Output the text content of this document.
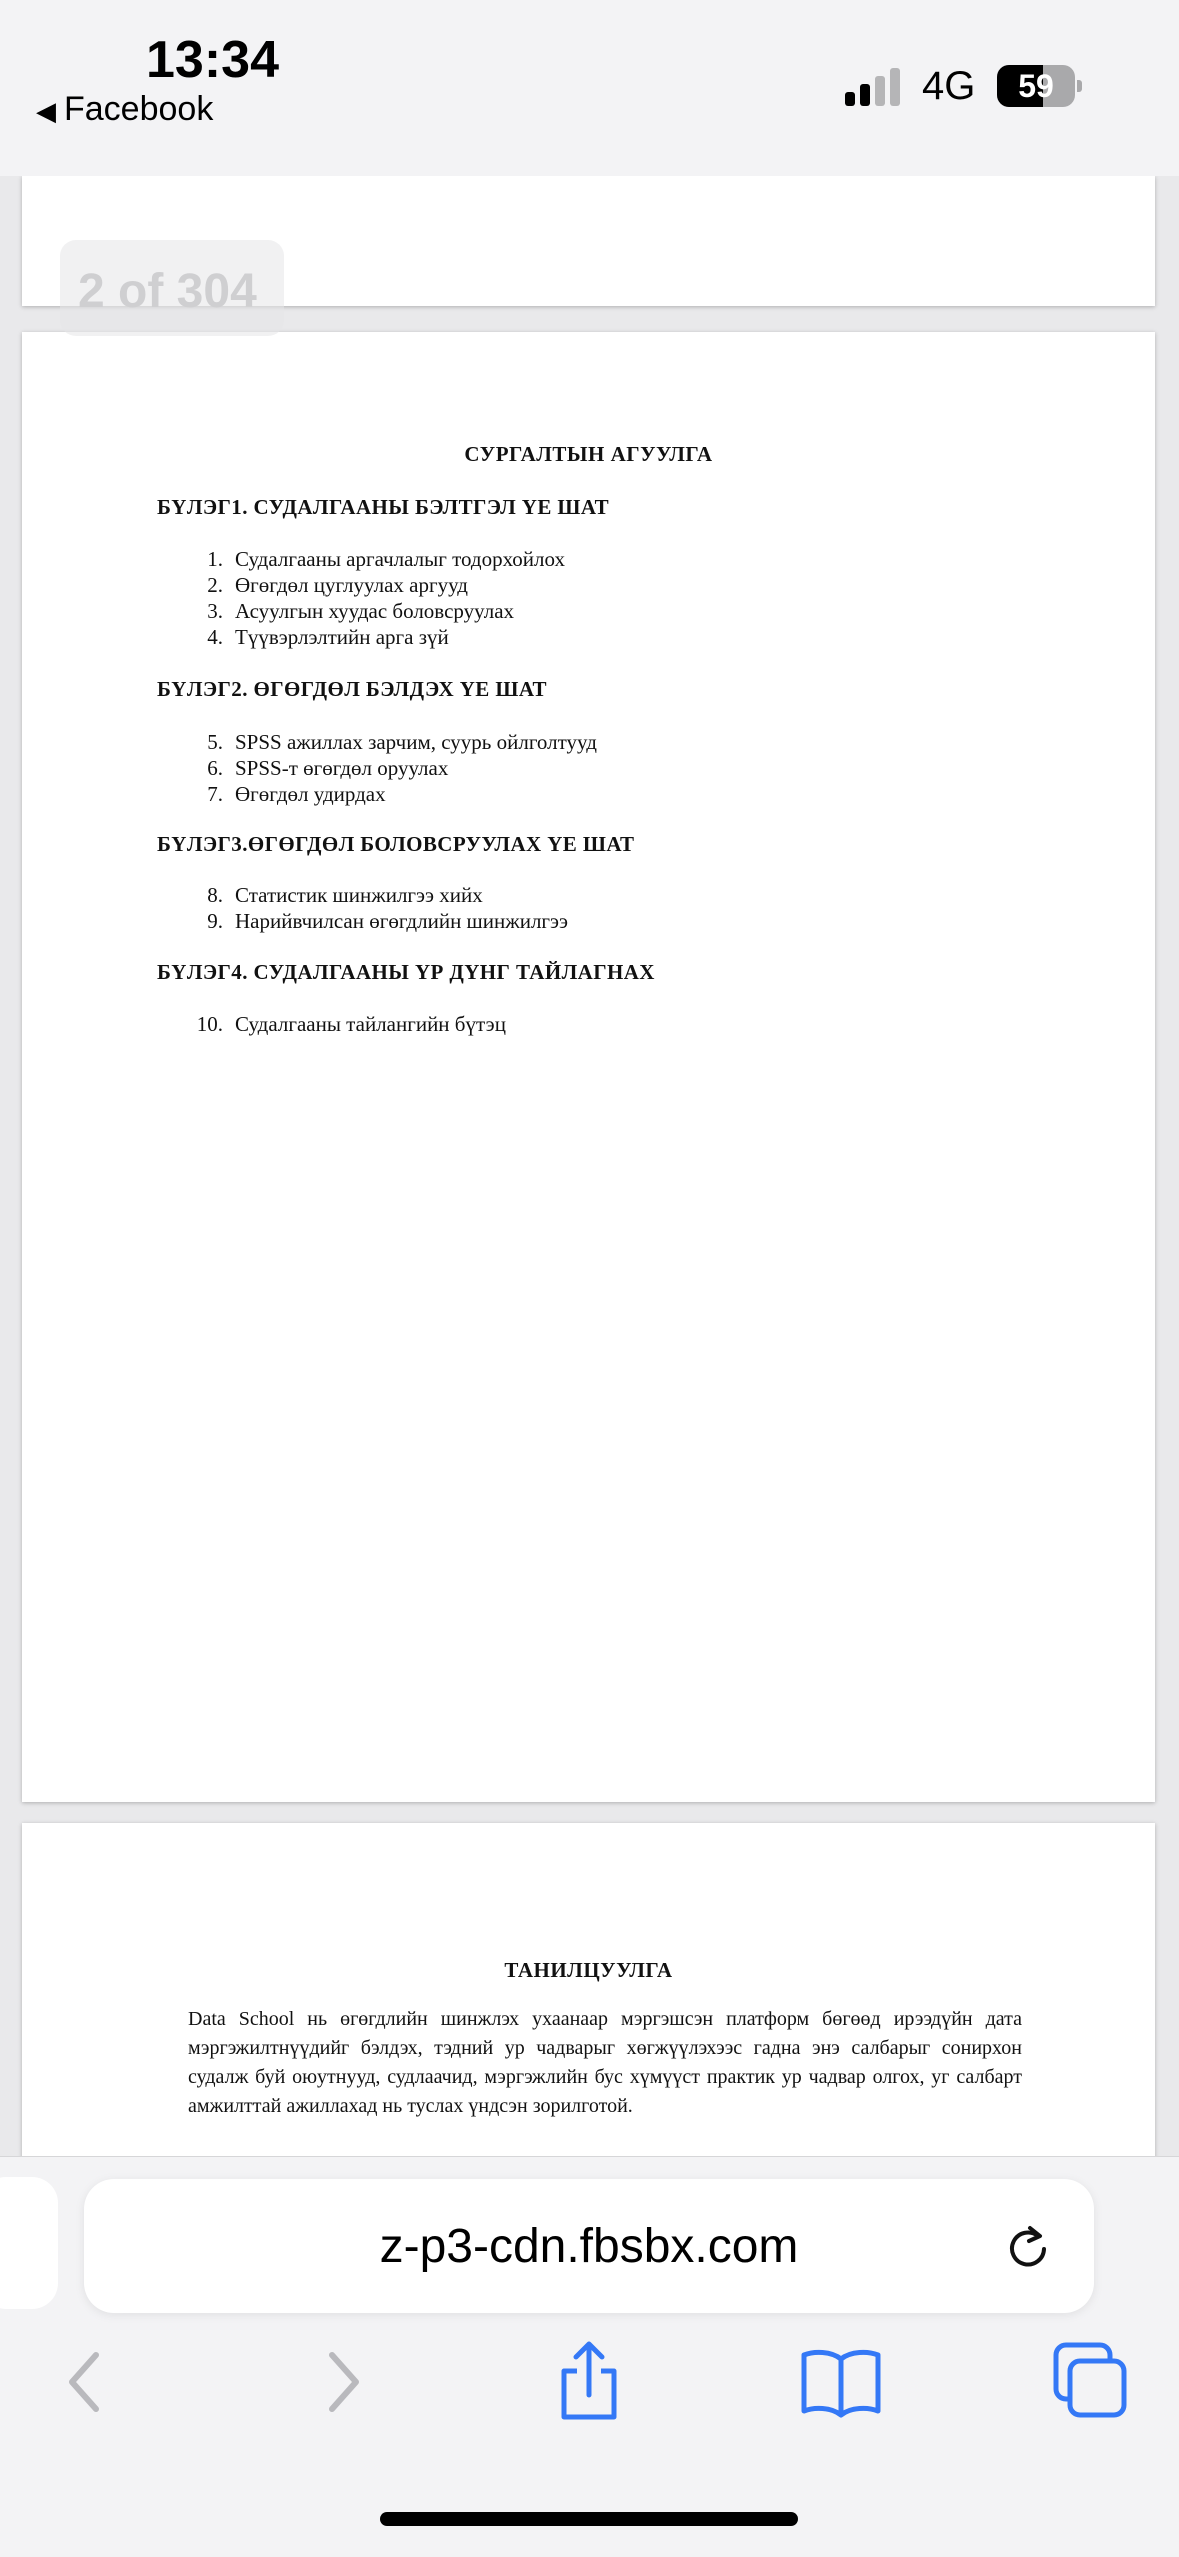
13:34
◀ Facebook
4G	59
СУРГАЛТЫН АГУУЛГА
БҮЛЭГ1. СУДАЛГААНЫ БЭЛТГЭЛ ҮЕ ШАТ
1. Судалгааны аргачлалыг тодорхойлох
2. Өгөгдөл цуглуулах аргууд
3. Асуулгын хуудас боловсруулах
4. Түүвэрлэлтийн арга зүй
БҮЛЭГ2. ӨГӨГДӨЛ БЭЛДЭХ ҮЕ ШАТ
5. SPSS ажиллах зарчим, суурь ойлголтууд
6. SPSS-т өгөгдөл оруулах
7. Өгөгдөл удирдах
БҮЛЭГ3.ӨГӨГДӨЛ БОЛОВСРУУЛАХ ҮЕ ШАТ
8. Статистик шинжилгээ хийх
9. Нарийвчилсан өгөгдлийн шинжилгээ
БҮЛЭГ4. СУДАЛГААНЫ ҮР ДҮНГ ТАЙЛАГНАХ
10. Судалгааны тайлангийн бүтэц
ТАНИЛЦУУЛГА
Data School нь өгөгдлийн шинжлэх ухаанаар мэргэшсэн платформ бөгөөд ирээдүйн дата мэргэжилтнүүдийг бэлдэх, тэдний ур чадварыг хөгжүүлэхээс гадна энэ салбарыг сонирхон судалж буй оюутнууд, судлаачид, мэргэжлийн бус хүмүүст практик ур чадвар олгох, уг салбарт амжилттай ажиллахад нь туслах үндсэн зорилготой.
2 of 304
z-p3-cdn.fbsbx.com
